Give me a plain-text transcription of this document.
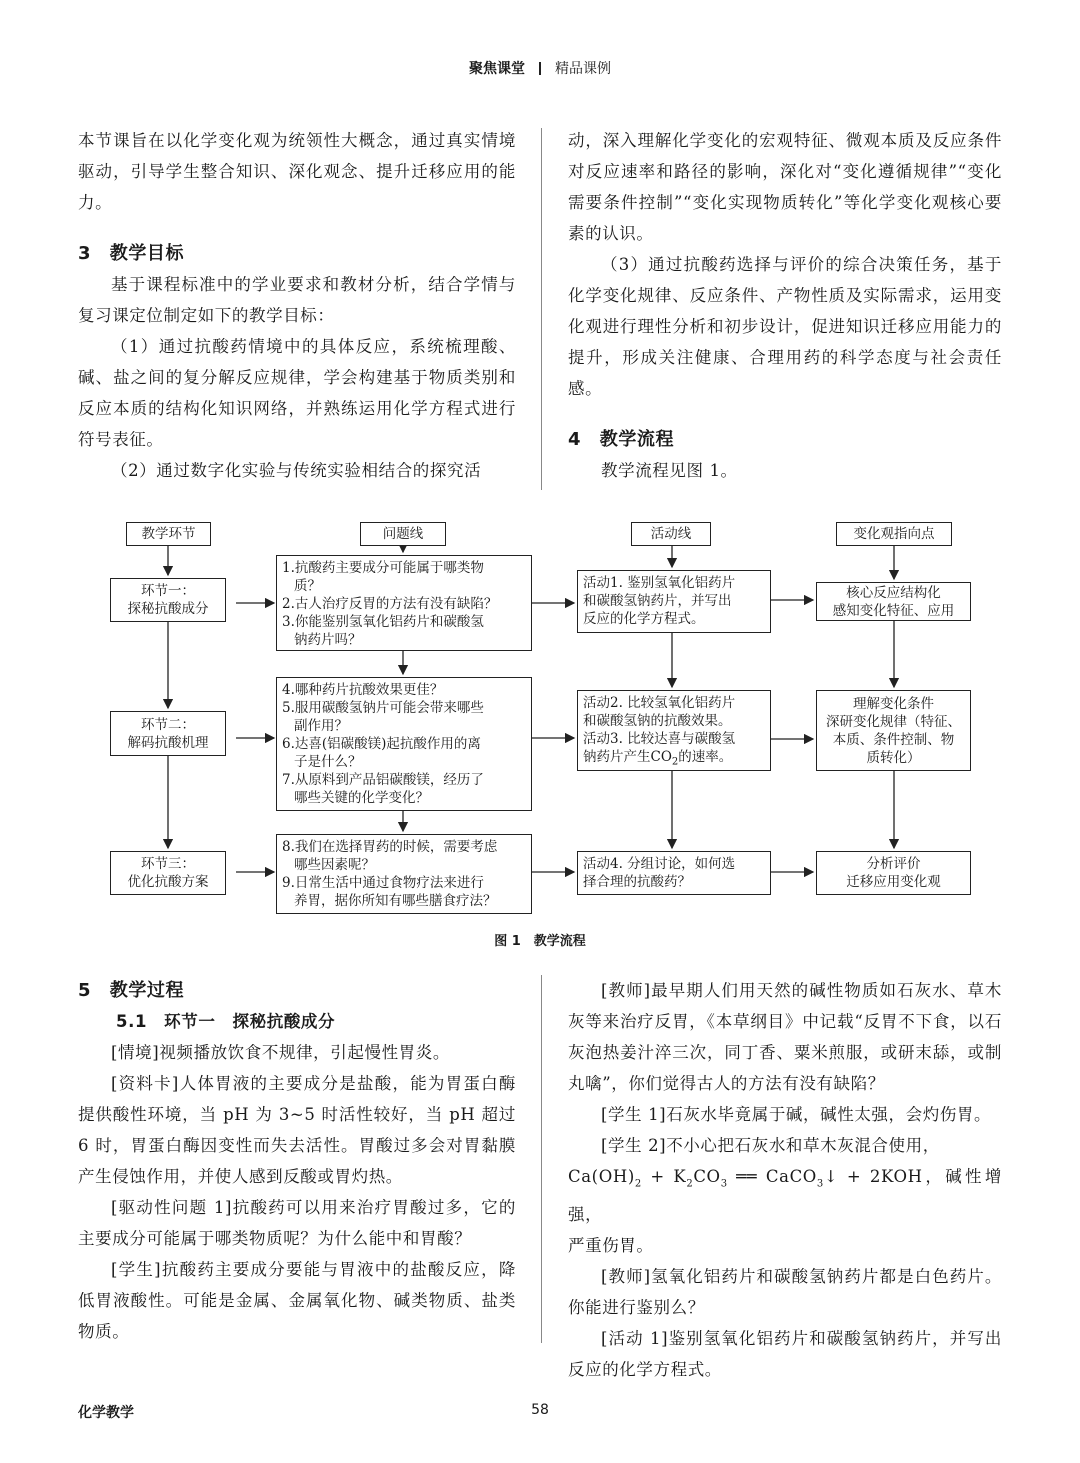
聚焦课堂 精品课例

本节课旨在以化学变化观为统领性大概念，通过真实情境驱动，引导学生整合知识、深化观念、提升迁移应用的能力。

3　教学目标

基于课程标准中的学业要求和教材分析，结合学情与复习课定位制定如下的教学目标：

（1）通过抗酸药情境中的具体反应，系统梳理酸、碱、盐之间的复分解反应规律，学会构建基于物质类别和反应本质的结构化知识网络，并熟练运用化学方程式进行符号表征。

（2）通过数字化实验与传统实验相结合的探究活

动，深入理解化学变化的宏观特征、微观本质及反应条件对反应速率和路径的影响，深化对“变化遵循规律”“变化需要条件控制”“变化实现物质转化”等化学变化观核心要素的认识。

（3）通过抗酸药选择与评价的综合决策任务，基于化学变化规律、反应条件、产物性质及实际需求，运用变化观进行理性分析和初步设计，促进知识迁移应用能力的提升，形成关注健康、合理用药的科学态度与社会责任感。

4　教学流程

教学流程见图 1。

教学环节	问题线	活动线	变化观指向点
环节一：
探秘抗酸成分
环节二：
解码抗酸机理
环节三：
优化抗酸方案
1.抗酸药主要成分可能属于哪类物
质？
2.古人治疗反胃的方法有没有缺陷？
3.你能鉴别氢氧化铝药片和碳酸氢
钠药片吗？
4.哪种药片抗酸效果更佳？
5.服用碳酸氢钠片可能会带来哪些
副作用？
6.达喜(铝碳酸镁)起抗酸作用的离
子是什么？
7.从原料到产品铝碳酸镁，经历了
哪些关键的化学变化？
8.我们在选择胃药的时候，需要考虑
哪些因素呢？
9.日常生活中通过食物疗法来进行
养胃，据你所知有哪些膳食疗法？
活动1. 鉴别氢氧化铝药片
和碳酸氢钠药片，并写出
反应的化学方程式。
活动2. 比较氢氧化铝药片
和碳酸氢钠的抗酸效果。
活动3. 比较达喜与碳酸氢
钠药片产生$CO_2$的速率。
活动4. 分组讨论，如何选
择合理的抗酸药？
核心反应结构化
感知变化特征、应用
理解变化条件
深研变化规律（特征、
本质、条件控制、物
质转化）
分析评价
迁移应用变化观
图 1　教学流程

5　教学过程

5.1　环节一　探秘抗酸成分

[情境]视频播放饮食不规律，引起慢性胃炎。

[资料卡]人体胃液的主要成分是盐酸，能为胃蛋白酶提供酸性环境，当 pH 为 3~5 时活性较好，当 pH 超过 6 时，胃蛋白酶因变性而失去活性。胃酸过多会对胃黏膜产生侵蚀作用，并使人感到反酸或胃灼热。

[驱动性问题 1]抗酸药可以用来治疗胃酸过多，它的主要成分可能属于哪类物质呢？为什么能中和胃酸？

[学生]抗酸药主要成分要能与胃液中的盐酸反应，降低胃液酸性。可能是金属、金属氧化物、碱类物质、盐类物质。

[教师]最早期人们用天然的碱性物质如石灰水、草木灰等来治疗反胃，《本草纲目》中记载“反胃不下食，以石灰泡热姜汁淬三次，同丁香、粟米煎服，或研末舔，或制丸噙”，你们觉得古人的方法有没有缺陷？

[学生 1]石灰水毕竟属于碱，碱性太强，会灼伤胃。

[学生 2]不小心把石灰水和草木灰混合使用，

$Ca(OH)_2 + K_2CO_3$ ══ CaCO$_3$↓ + 2KOH，碱性增强，

严重伤胃。

[教师]氢氧化铝药片和碳酸氢钠药片都是白色药片。你能进行鉴别么？

[活动 1]鉴别氢氧化铝药片和碳酸氢钠药片，并写出反应的化学方程式。

化学教学	58
